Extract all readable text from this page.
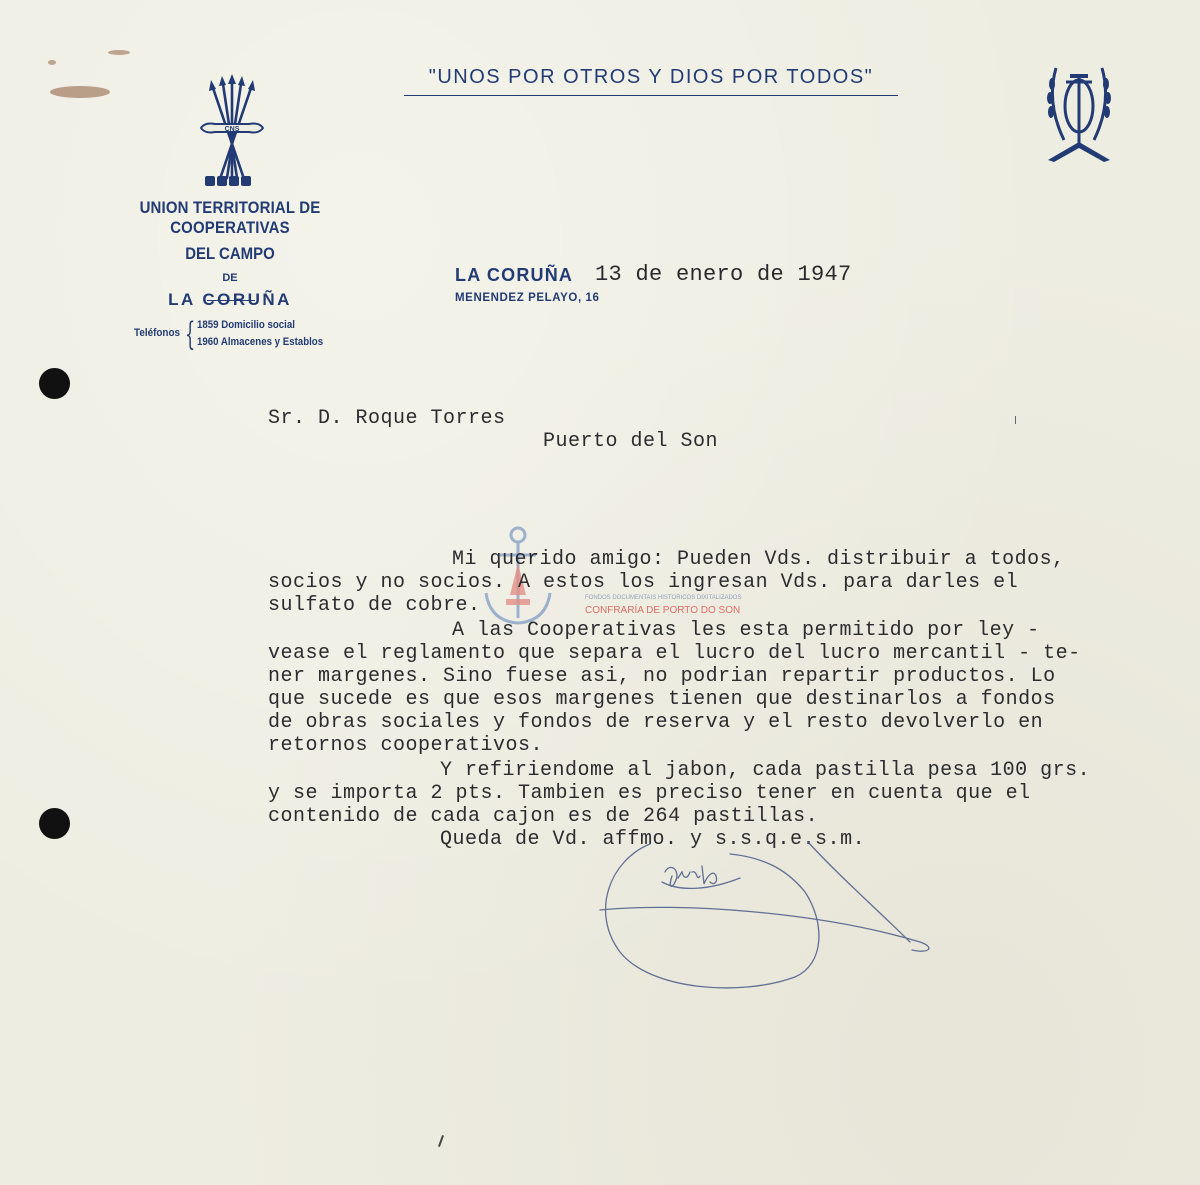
CNS
"UNOS POR OTROS Y DIOS POR TODOS"
UNION TERRITORIAL DE COOPERATIVAS
DEL CAMPO
DE
LA CORUÑA
Teléfonos { 1859 Domicilio social
1960 Almacenes y Establos
LA CORUÑA
MENENDEZ PELAYO, 16
13 de enero de 1947
Sr. D. Roque Torres
Puerto del Son
FONDOS DOCUMENTAIS HISTÓRICOS DIXITALIZADOS
CONFRARÍA DE PORTO DO SON
Mi querido amigo: Pueden Vds. distribuir a todos,
socios y no socios. A estos los ingresan Vds. para darles el
sulfato de cobre.
A las Cooperativas les esta permitido por ley -
vease el reglamento que separa el lucro del lucro mercantil - te-
ner margenes. Sino fuese asi, no podrian repartir productos. Lo
que sucede es que esos margenes tienen que destinarlos a fondos
de obras sociales y fondos de reserva y el resto devolverlo en
retornos cooperativos.
Y refiriendome al jabon, cada pastilla pesa 100 grs.
y se importa 2 pts. Tambien es preciso tener en cuenta que el
contenido de cada cajon es de 264 pastillas.
Queda de Vd. affmo. y s.s.q.e.s.m.
